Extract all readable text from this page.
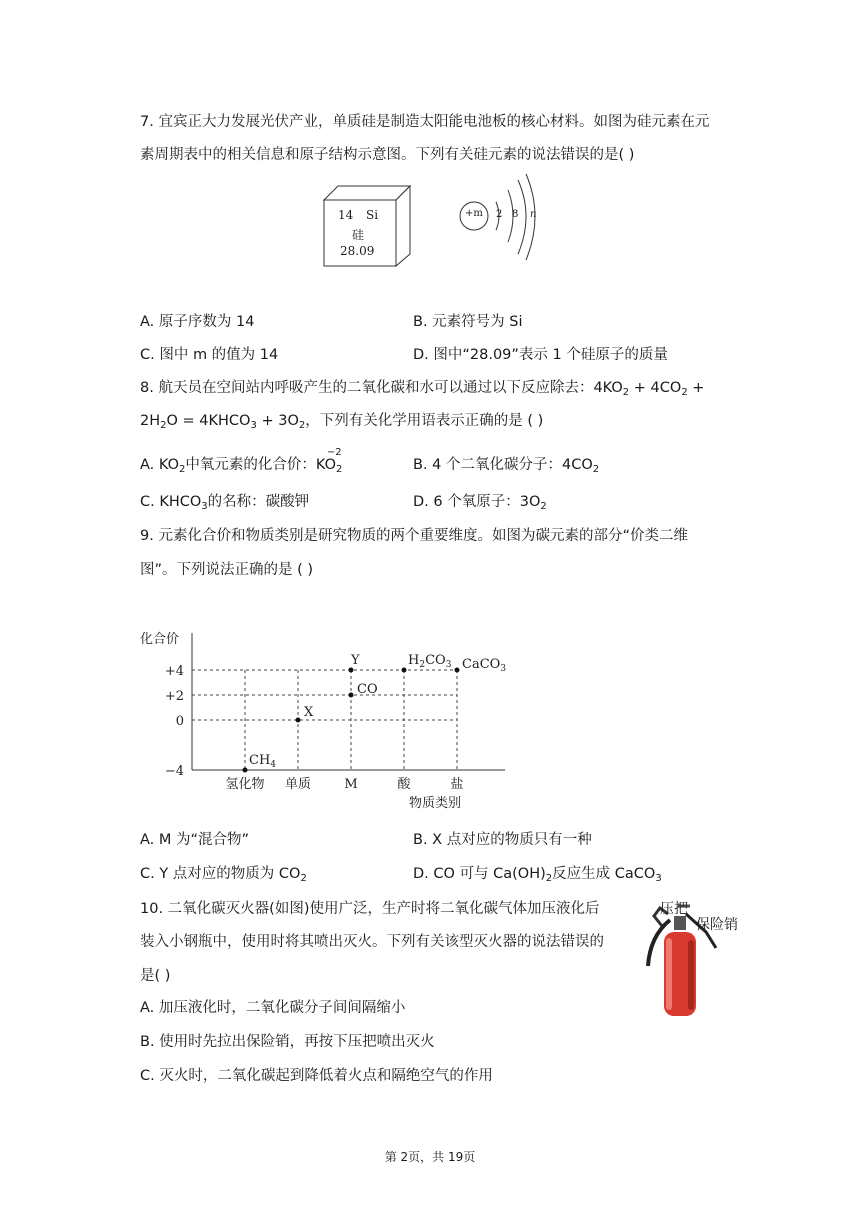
7. 宜宾正大力发展光伏产业，单质硅是制造太阳能电池板的核心材料。如图为硅元素在元
素周期表中的相关信息和原子结构示意图。下列有关硅元素的说法错误的是( )
14 Si
硅
28.09
+m 2 8 n
A. 原子序数为 14	B. 元素符号为 Si
C. 图中 m 的值为 14	D. 图中“28.09”表示 1 个硅原子的质量
8. 航天员在空间站内呼吸产生的二氧化碳和水可以通过以下反应除去：$4KO_2 + 4CO_2$ +
$2H_2O$ = $4KHCO_3 + 3O_2$，下列有关化学用语表示正确的是 ( )
A. $KO_2$中氧元素的化合价：
−2
$KO_2$	B. 4 个二氧化碳分子：$4CO_2$
C. $KHCO_3$的名称：碳酸钾	D. 6 个氧原子：$3O_2$
9. 元素化合价和物质类别是研究物质的两个重要维度。如图为碳元素的部分“价类二维
图”。下列说法正确的是 ( )
化合价
物质类别
+4
+2
0
−4
氢化物 单质	M	酸	盐
$CH_4$
X
CO
Y	$H_2CO_3$ CaCO$_3$
A. M 为“混合物”	B. X 点对应的物质只有一种
C. Y 点对应的物质为 $CO_2$	D. CO 可与 $Ca(OH)_2$反应生成 CaCO$_3$
10. 二氧化碳灭火器(如图)使用广泛，生产时将二氧化碳气体加压液化后
装入小钢瓶中，使用时将其喷出灭火。下列有关该型灭火器的说法错误的
是( )
压把
保险销
A. 加压液化时，二氧化碳分子间间隔缩小
B. 使用时先拉出保险销，再按下压把喷出灭火
C. 灭火时，二氧化碳起到降低着火点和隔绝空气的作用
第 2页，共 19页
